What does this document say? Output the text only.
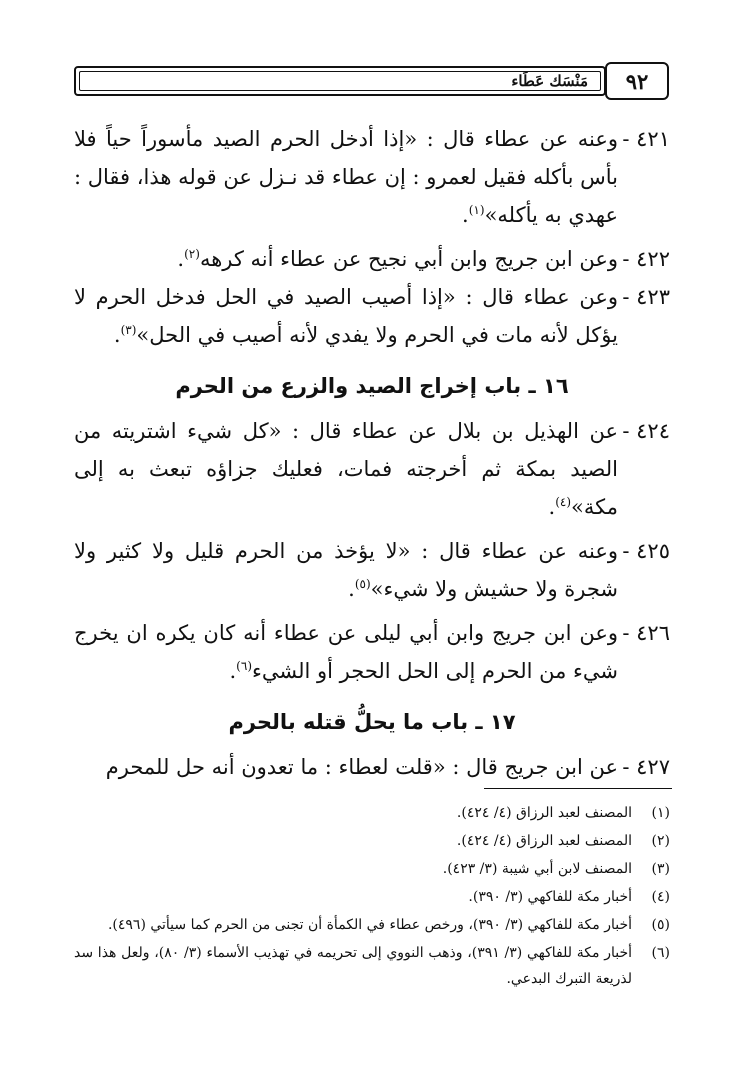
٩٢
مَنْسَك عَطَاء
٤٢١ -
وعنه عن عطاء قال : «إذا أدخل الحرم الصيد مأسوراً حياً فلا بأس بأكله فقيل لعمرو : إن عطاء قد نـزل عن قوله هذا، فقال : عهدي به يأكله»$^{(١)}$.
٤٢٢ -
وعن ابن جريج وابن أبي نجيح عن عطاء أنه كرهه$^{(٢)}$.
٤٢٣ -
وعن عطاء قال : «إذا أصيب الصيد في الحل فدخل الحرم لا يؤكل لأنه مات في الحرم ولا يفدي لأنه أصيب في الحل»$^{(٣)}$.
١٦ ـ باب إخراج الصيد والزرع من الحرم
٤٢٤ -
عن الهذيل بن بلال عن عطاء قال : «كل شيء اشتريته من الصيد بمكة ثم أخرجته فمات، فعليك جزاؤه تبعث به إلى مكة»$^{(٤)}$.
٤٢٥ -
وعنه عن عطاء قال : «لا يؤخذ من الحرم قليل ولا كثير ولا شجرة ولا حشيش ولا شيء»$^{(٥)}$.
٤٢٦ -
وعن ابن جريج وابن أبي ليلى عن عطاء أنه كان يكره ان يخرج شيء من الحرم إلى الحل الحجر أو الشيء$^{(٦)}$.
١٧ ـ باب ما يحلُّ قتله بالحرم
٤٢٧ -
عن ابن جريج قال : «قلت لعطاء : ما تعدون أنه حل للمحرم
(١)
المصنف لعبد الرزاق (٤/ ٤٢٤).
(٢)
المصنف لعبد الرزاق (٤/ ٤٢٤).
(٣)
المصنف لابن أبي شيبة (٣/ ٤٢٣).
(٤)
أخبار مكة للفاكهي (٣/ ٣٩٠).
(٥)
أخبار مكة للفاكهي (٣/ ٣٩٠)، ورخص عطاء في الكمأة أن تجنى من الحرم كما سيأتي (٤٩٦).
(٦)
أخبار مكة للفاكهي (٣/ ٣٩١)، وذهب النووي إلى تحريمه في تهذيب الأسماء (٣/ ٨٠)، ولعل هذا سد لذريعة التبرك البدعي.
